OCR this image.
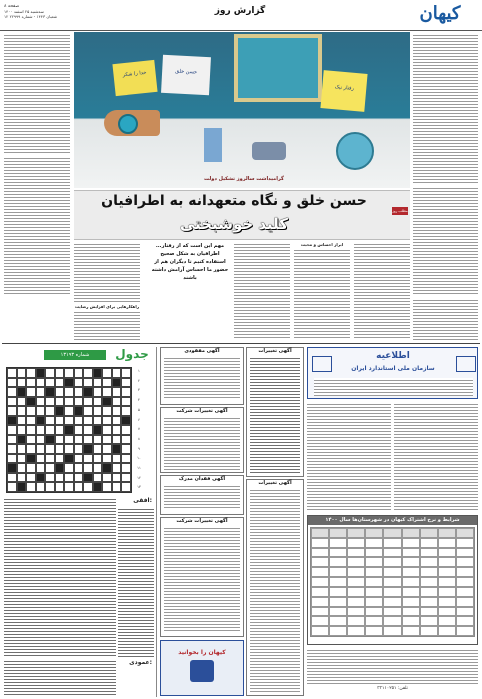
صفحه ۸
سه‌شنبه ۲۵ اسفند ۱۴۰۰
۱۲ شعبان ۱۴۴۳ - شماره ۲۲۹۹۹
گزارش روز	کیهان
خدا را شکر	حسن خلق
رفتار نیک
گرامیداشت سالروز تشکیل دولت
حسن خلق و نگاه متعهدانه به اطرافیان
کلید خوشبختی
مطلب روز
راهکارهایی برای افزایش رضایت
...مهم این است که از رفتار اطرافیان به شکل صحیح استفاده کنیم تا دیگران هم از حضور ما احساس آرامش داشته باشند
ابراز احساس و محبت
جدول
شماره ۱۳۱۹۳
۱
۲
۳
۴
۵
۶
۷
۸
۹
۱۰
۱۱
۱۲
۱۳
افقی:
عمودی:
آگهی مفقودی
آگهی تغییرات شرکت
آگهی فقدان مدرک
آگهی تغییرات شرکت
کیهان را بخوانید
آگهی تغییرات
آگهی تغییرات
اطلاعیه
سازمان ملی استاندارد ایران
شرایط و نرخ اشتراک کیهان در شهرستان‌ها سال ۱۴۰۰
تلفن: ۳۳۱۱۰۲۵۱
